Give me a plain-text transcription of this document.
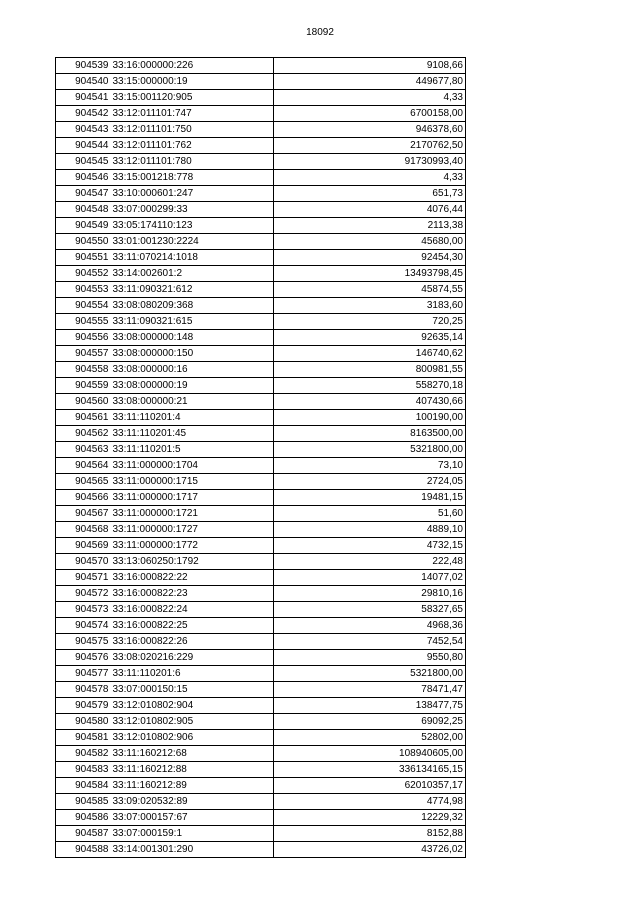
18092
904539	33:16:000000:226	9108,66
904540	33:15:000000:19	449677,80
904541	33:15:001120:905	4,33
904542	33:12:011101:747	6700158,00
904543	33:12:011101:750	946378,60
904544	33:12:011101:762	2170762,50
904545	33:12:011101:780	91730993,40
904546	33:15:001218:778	4,33
904547	33:10:000601:247	651,73
904548	33:07:000299:33	4076,44
904549	33:05:174110:123	2113,38
904550	33:01:001230:2224	45680,00
904551	33:11:070214:1018	92454,30
904552	33:14:002601:2	13493798,45
904553	33:11:090321:612	45874,55
904554	33:08:080209:368	3183,60
904555	33:11:090321:615	720,25
904556	33:08:000000:148	92635,14
904557	33:08:000000:150	146740,62
904558	33:08:000000:16	800981,55
904559	33:08:000000:19	558270,18
904560	33:08:000000:21	407430,66
904561	33:11:110201:4	100190,00
904562	33:11:110201:45	8163500,00
904563	33:11:110201:5	5321800,00
904564	33:11:000000:1704	73,10
904565	33:11:000000:1715	2724,05
904566	33:11:000000:1717	19481,15
904567	33:11:000000:1721	51,60
904568	33:11:000000:1727	4889,10
904569	33:11:000000:1772	4732,15
904570	33:13:060250:1792	222,48
904571	33:16:000822:22	14077,02
904572	33:16:000822:23	29810,16
904573	33:16:000822:24	58327,65
904574	33:16:000822:25	4968,36
904575	33:16:000822:26	7452,54
904576	33:08:020216:229	9550,80
904577	33:11:110201:6	5321800,00
904578	33:07:000150:15	78471,47
904579	33:12:010802:904	138477,75
904580	33:12:010802:905	69092,25
904581	33:12:010802:906	52802,00
904582	33:11:160212:68	108940605,00
904583	33:11:160212:88	336134165,15
904584	33:11:160212:89	62010357,17
904585	33:09:020532:89	4774,98
904586	33:07:000157:67	12229,32
904587	33:07:000159:1	8152,88
904588	33:14:001301:290	43726,02
